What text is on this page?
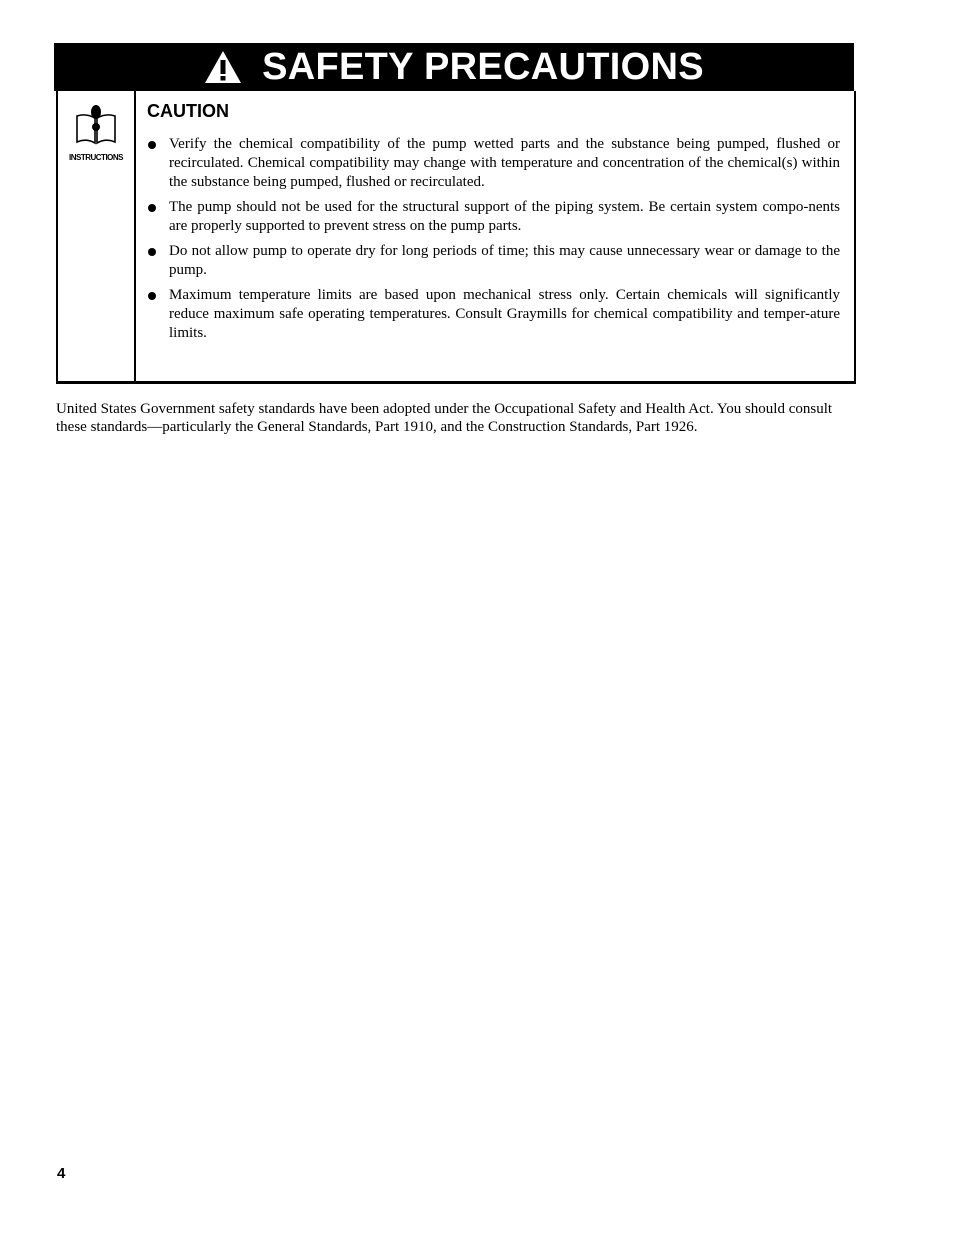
SAFETY PRECAUTIONS
INSTRUCTIONS
CAUTION
Verify the chemical compatibility of the pump wetted parts and the substance being pumped, flushed or recirculated. Chemical compatibility may change with temperature and concentration of the chemical(s) within the substance being pumped, flushed or recirculated.
The pump should not be used for the structural support of the piping system. Be certain system compo-nents are properly supported to prevent stress on the pump parts.
Do not allow pump to operate dry for long periods of time; this may cause unnecessary wear or damage to the pump.
Maximum temperature limits are based upon mechanical stress only. Certain chemicals will significantly reduce maximum safe operating temperatures. Consult Graymills for chemical compatibility and temper-ature limits.
United States Government safety standards have been adopted under the Occupational Safety and Health Act. You should consult these standards—particularly the General Standards, Part 1910, and the Construction Standards, Part 1926.
4
